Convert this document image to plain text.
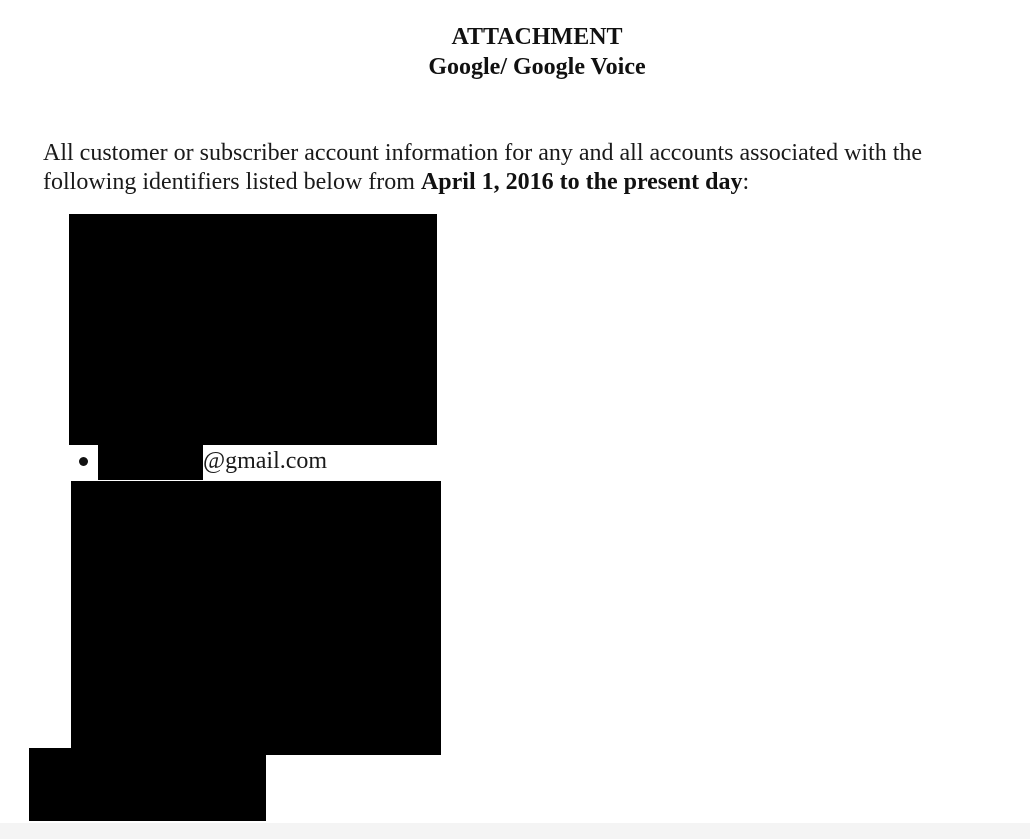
ATTACHMENT
Google/ Google Voice

All customer or subscriber account information for any and all accounts associated with the following identifiers listed below from April 1, 2016 to the present day:

@gmail.com
